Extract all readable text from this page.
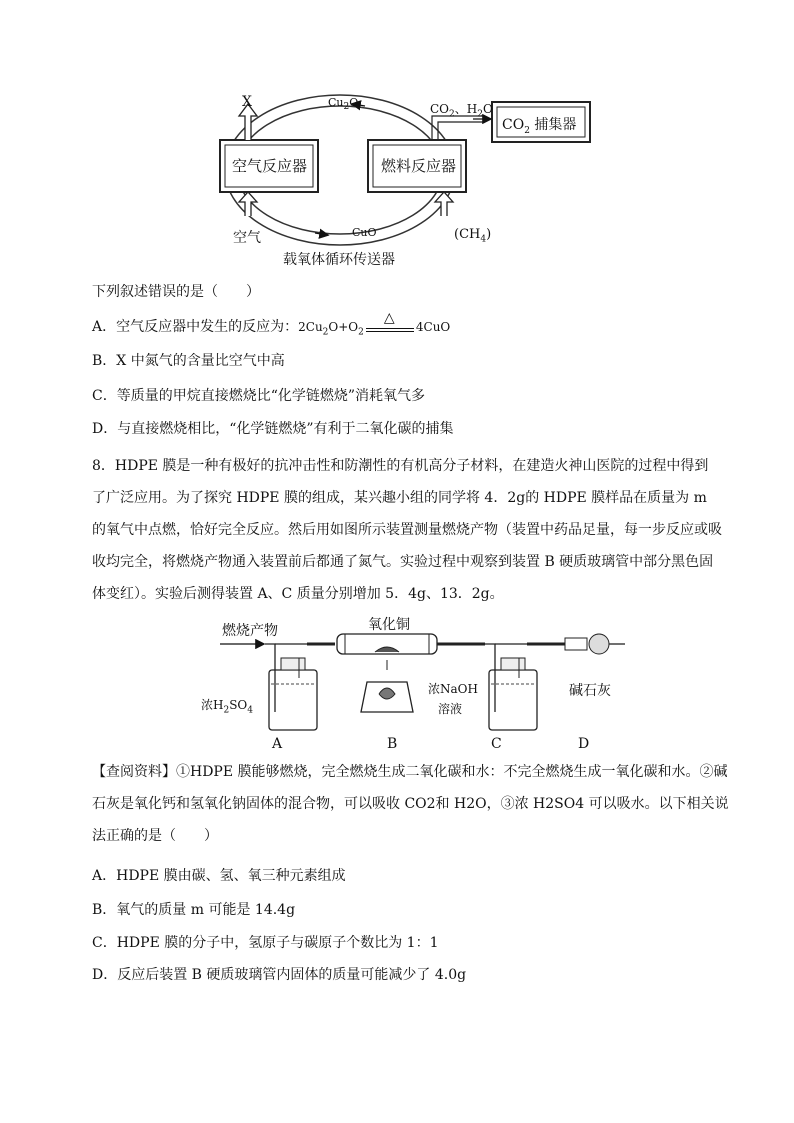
X	$Cu_2O$
空气反应器	燃料反应器
$CO_2$、$H_2O$
$CO_2$ 捕集器
CuO
空气	$(CH_4)$
载氧体循环传送器
下列叙述错误的是（　　）
A．空气反应器中发生的反应为：$2Cu_2O+O_2$
△
4CuO
B．X 中氮气的含量比空气中高
C．等质量的甲烷直接燃烧比“化学链燃烧”消耗氧气多
D．与直接燃烧相比，“化学链燃烧”有利于二氧化碳的捕集
8．HDPE 膜是一种有极好的抗冲击性和防潮性的有机高分子材料，在建造火神山医院的过程中得到了广泛应用。为了探究 HDPE 膜的组成，某兴趣小组的同学将 4．2g的 HDPE 膜样品在质量为 m 的氧气中点燃，恰好完全反应。然后用如图所示装置测量燃烧产物（装置中药品足量，每一步反应或吸收均完全，将燃烧产物通入装置前后都通了氮气。实验过程中观察到装置 B 硬质玻璃管中部分黑色固体变红）。实验后测得装置 A、C 质量分别增加 5．4g、13．2g。
燃烧产物	氧化铜
浓$H_2SO_4$
浓NaOH
溶液
碱石灰
A	B	C	D
【查阅资料】①HDPE 膜能够燃烧，完全燃烧生成二氧化碳和水：不完全燃烧生成一氧化碳和水。②碱石灰是氧化钙和氢氧化钠固体的混合物，可以吸收 CO2和 H2O，③浓 H2SO4 可以吸水。以下相关说法正确的是（　　）
A．HDPE 膜由碳、氢、氧三种元素组成
B．氧气的质量 m 可能是 14.4g
C．HDPE 膜的分子中，氢原子与碳原子个数比为 1：1
D．反应后装置 B 硬质玻璃管内固体的质量可能减少了 4.0g
